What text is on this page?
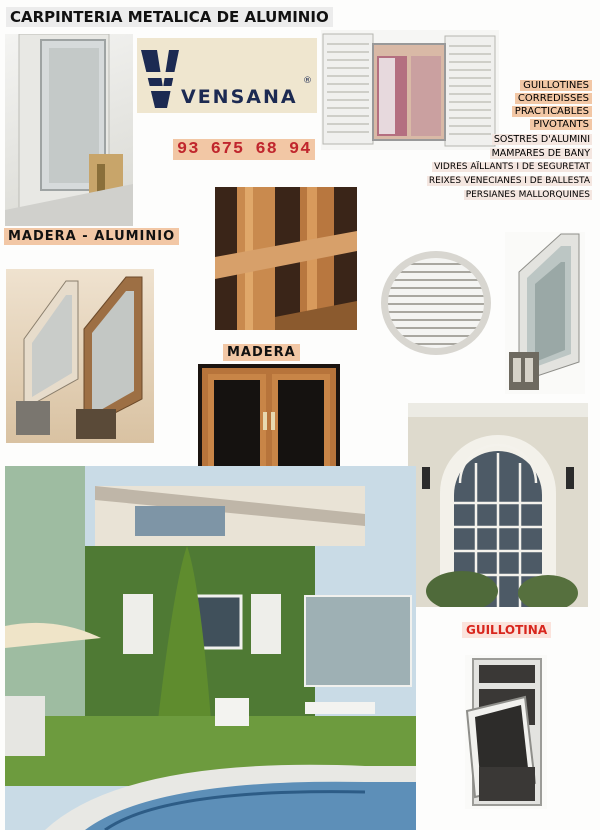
CARPINTERIA METALICA DE ALUMINIO
VENSANA
®
93 675 68 94
GUILLOTINES
CORREDISSES
PRACTICABLES
PIVOTANTS
SOSTRES D'ALUMINI
MAMPARES DE BANY
VIDRES AÏLLANTS I DE SEGURETAT
REIXES VENECIANES I DE BALLESTA
PERSIANES MALLORQUINES
MADERA - ALUMINIO
MADERA
GUILLOTINA
